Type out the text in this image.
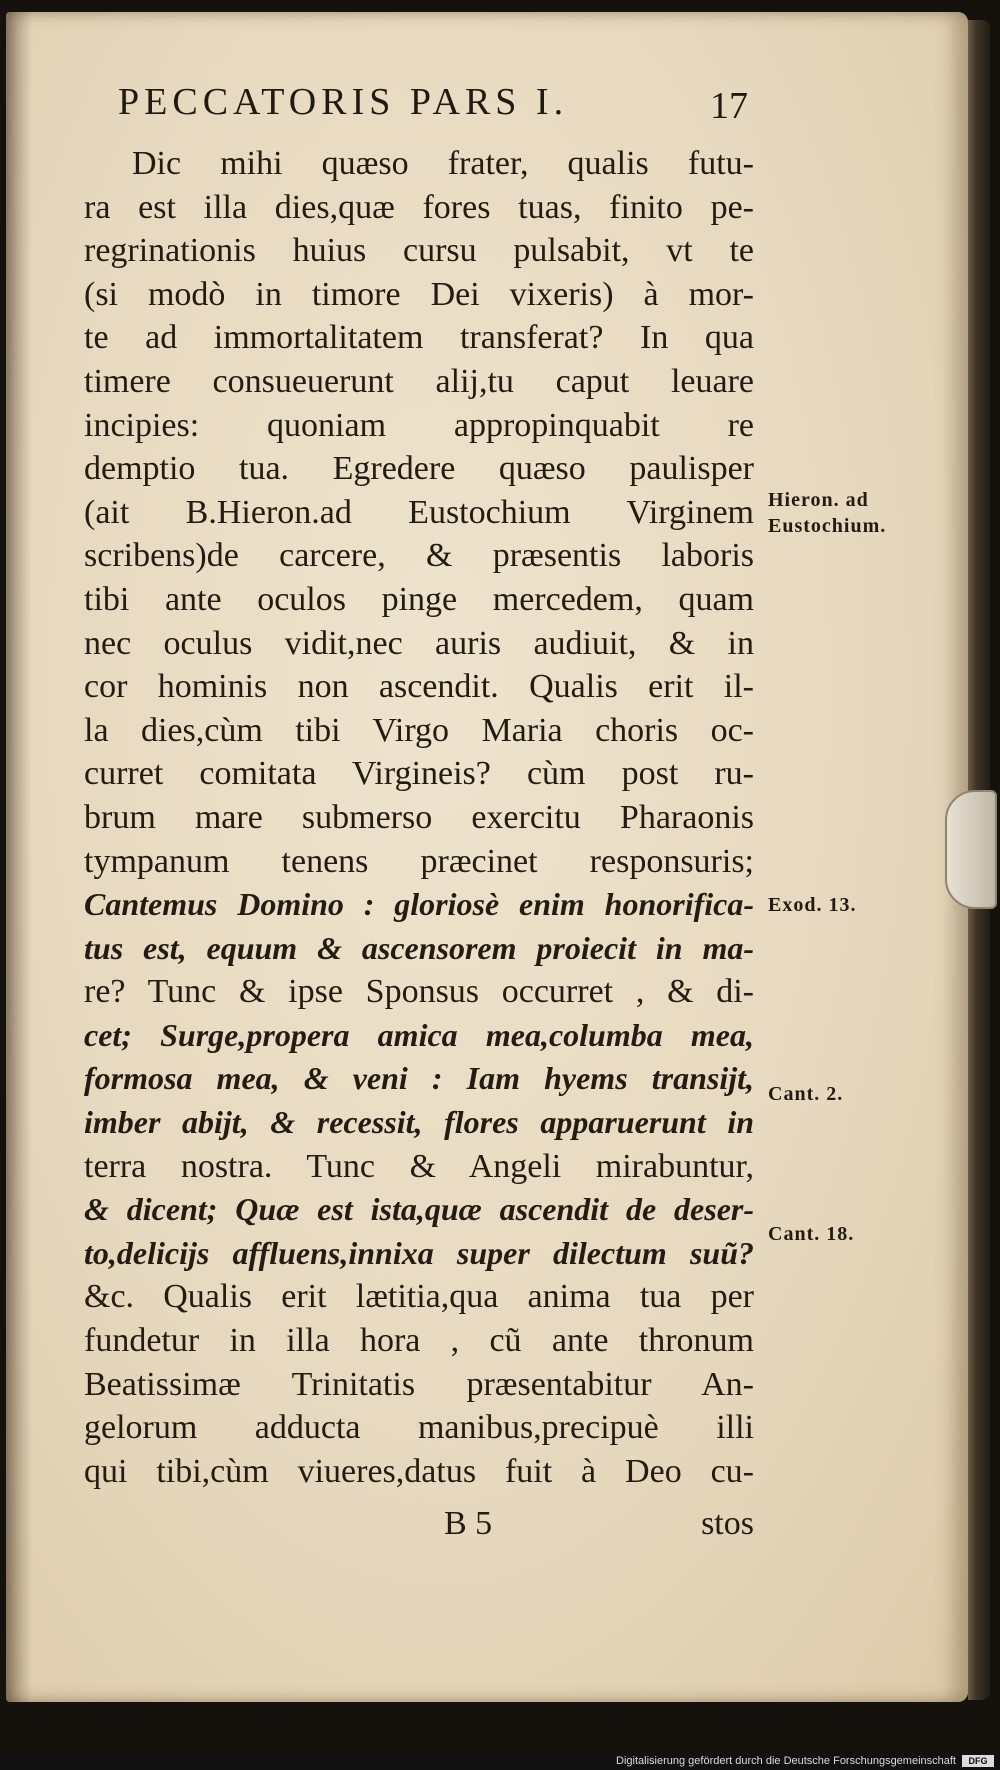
PECCATORIS PARS I.	17
Dic mihi quæso frater, qualis futu-
ra est illa dies,quæ fores tuas, finito pe-
regrinationis huius cursu pulsabit, vt te
(si modò in timore Dei vixeris) à mor-
te ad immortalitatem transferat? In qua
timere consueuerunt alij,tu caput leuare
incipies: quoniam appropinquabit re
demptio tua. Egredere quæso paulisper
(ait B.Hieron.ad Eustochium Virginem
scribens)de carcere, & præsentis laboris
tibi ante oculos pinge mercedem, quam
nec oculus vidit,nec auris audiuit, & in
cor hominis non ascendit. Qualis erit il-
la dies,cùm tibi Virgo Maria choris oc-
curret comitata Virgineis? cùm post ru-
brum mare submerso exercitu Pharaonis
tympanum tenens præcinet responsuris;
Cantemus Domino : gloriosè enim honorifica-
tus est, equum & ascensorem proiecit in ma-
re? Tunc & ipse Sponsus occurret , & di-
cet; Surge,propera amica mea,columba mea,
formosa mea, & veni : Iam hyems transijt,
imber abijt, & recessit, flores apparuerunt in
terra nostra. Tunc & Angeli mirabuntur,
& dicent; Quæ est ista,quæ ascendit de deser-
to,delicijs affluens,innixa super dilectum suũ?
&c. Qualis erit lætitia,qua anima tua per
fundetur in illa hora , cũ ante thronum
Beatissimæ Trinitatis præsentabitur An-
gelorum adducta manibus,precipuè illi
qui tibi,cùm viueres,datus fuit à Deo cu-
Hieron. ad
Eustochium.
Exod. 13.
Cant. 2.
Cant. 18.
B 5	stos
Digitalisierung gefördert durch die Deutsche Forschungsgemeinschaft	DFG
